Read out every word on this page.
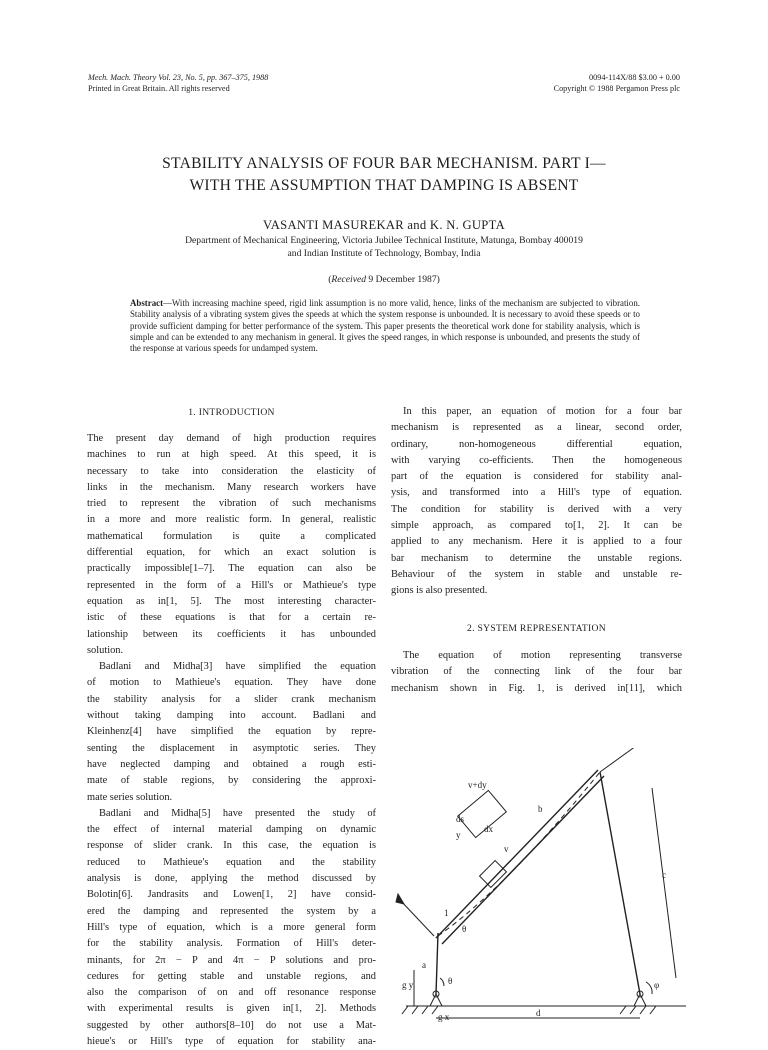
Mech. Mach. Theory Vol. 23, No. 5, pp. 367–375, 1988
Printed in Great Britain. All rights reserved
0094-114X/88 $3.00 + 0.00
Copyright © 1988 Pergamon Press plc
STABILITY ANALYSIS OF FOUR BAR MECHANISM. PART I—
WITH THE ASSUMPTION THAT DAMPING IS ABSENT
VASANTI MASUREKAR and K. N. GUPTA
Department of Mechanical Engineering, Victoria Jubilee Technical Institute, Matunga, Bombay 400019
and Indian Institute of Technology, Bombay, India
(Received 9 December 1987)
Abstract—With increasing machine speed, rigid link assumption is no more valid, hence, links of the mechanism are subjected to vibration. Stability analysis of a vibrating system gives the speeds at which the system response is unbounded. It is necessary to avoid these speeds or to provide sufficient damping for better performance of the system. This paper presents the theoretical work done for stability analysis, which is simple and can be extended to any mechanism in general. It gives the speed ranges, in which response is unbounded, and presents the study of the response at various speeds for undamped system.
1. INTRODUCTION
2. SYSTEM REPRESENTATION
The present day demand of high production requires
machines to run at high speed. At this speed, it is
necessary to take into consideration the elasticity of
links in the mechanism. Many research workers have
tried to represent the vibration of such mechanisms
in a more and more realistic form. In general, realistic
mathematical formulation is quite a complicated
differential equation, for which an exact solution is
practically impossible[1–7]. The equation can also be
represented in the form of a Hill's or Mathieue's type
equation as in[1, 5]. The most interesting character-
istic of these equations is that for a certain re-
lationship between its coefficients it has unbounded
solution.
Badlani and Midha[3] have simplified the equation
of motion to Mathieue's equation. They have done
the stability analysis for a slider crank mechanism
without taking damping into account. Badlani and
Kleinhenz[4] have simplified the equation by repre-
senting the displacement in asymptotic series. They
have neglected damping and obtained a rough esti-
mate of stable regions, by considering the approxi-
mate series solution.
Badlani and Midha[5] have presented the study of
the effect of internal material damping on dynamic
response of slider crank. In this case, the equation is
reduced to Mathieue's equation and the stability
analysis is done, applying the method discussed by
Bolotin[6]. Jandrasits and Lowen[1, 2] have consid-
ered the damping and represented the system by a
Hill's type of equation, which is a more general form
for the stability analysis. Formation of Hill's deter-
minants, for 2π − P and 4π − P solutions and pro-
cedures for getting stable and unstable regions, and
also the comparison of on and off resonance response
with experimental results is given in[1, 2]. Methods
suggested by other authors[8–10] do not use a Mat-
hieue's or Hill's type of equation for stability ana-
In this paper, an equation of motion for a four bar
mechanism is represented as a linear, second order,
ordinary, non-homogeneous differential equation,
with varying co-efficients. Then the homogeneous
part of the equation is considered for stability anal-
ysis, and transformed into a Hill's type of equation.
The condition for stability is derived with a very
simple approach, as compared to[1, 2]. It can be
applied to any mechanism. Here it is applied to a four
bar mechanism to determine the unstable regions.
Behaviour of the system in stable and unstable re-
gions is also presented.
The equation of motion representing transverse
vibration of the connecting link of the four bar
mechanism shown in Fig. 1, is derived in[11], which
ds
dx
v+dy
y
v
b
c
a
d
θ
θ
φ
1
g y
g x
